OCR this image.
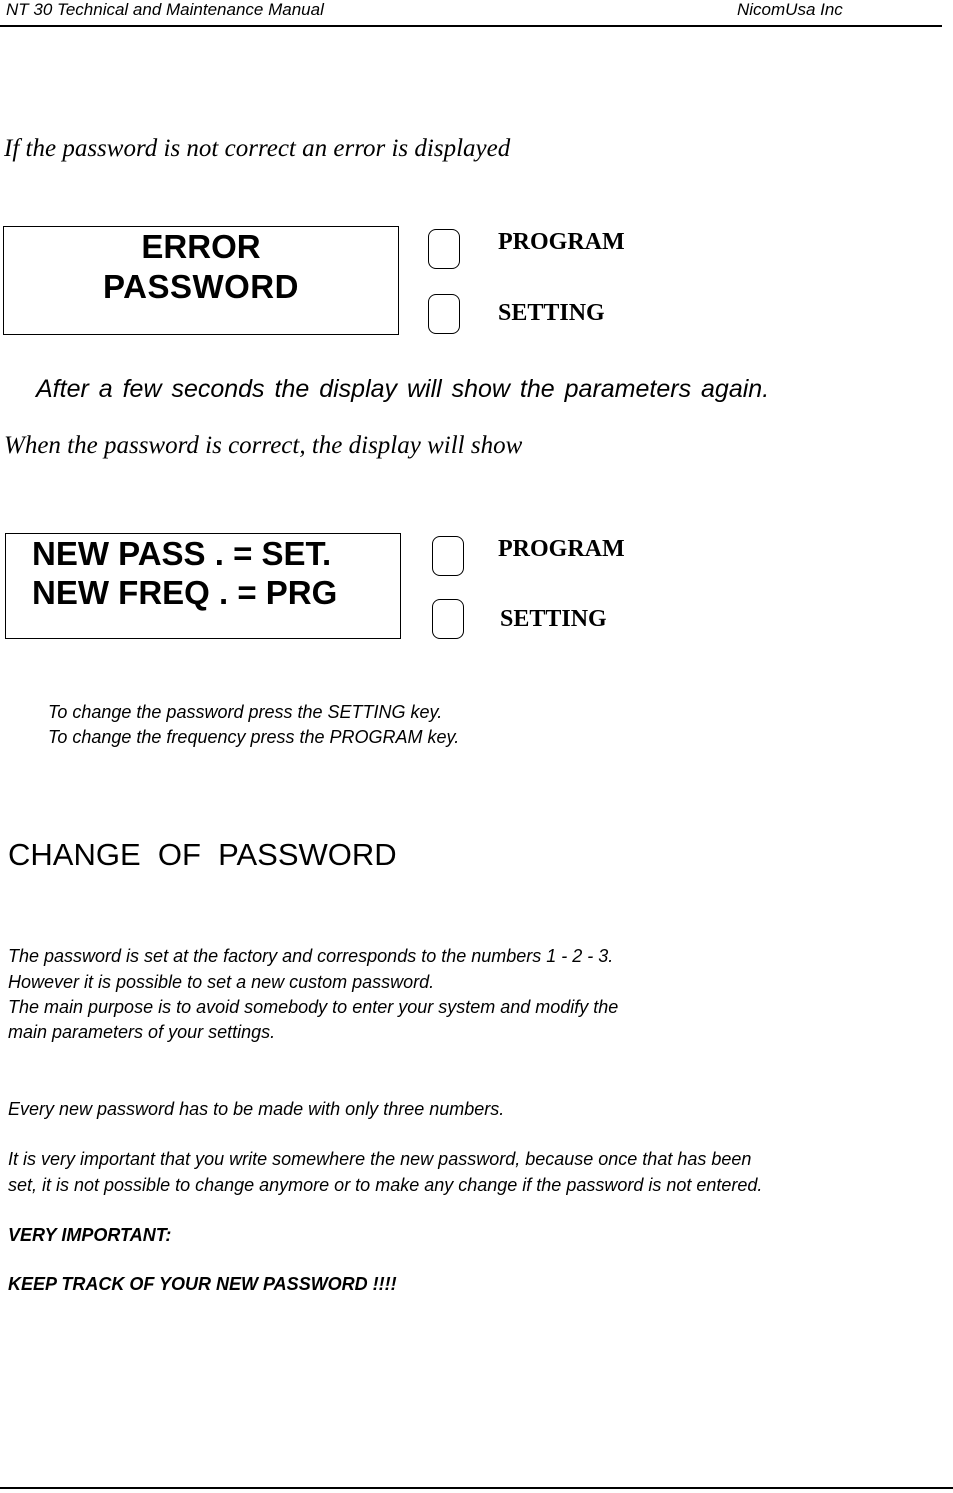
NT 30 Technical and Maintenance Manual	NicomUsa Inc
If the password is not correct an error is displayed
ERROR
PASSWORD
PROGRAM
SETTING
After a few seconds the display will show the parameters again.
When the password is correct, the display will show
NEW PASS . = SET.
NEW FREQ . = PRG
PROGRAM
SETTING
To change the password press the SETTING key.
To change the frequency press the PROGRAM key.
CHANGE  OF  PASSWORD
The password is set at the factory and corresponds to the numbers 1 - 2 - 3.
However it is possible to set a new custom password.
The main purpose is to avoid somebody to enter your system and modify the
main parameters of your settings.
Every new password has to be made with only three numbers.
It is very important that you write somewhere the new password, because once that has been
set, it is not possible to change anymore or to make any change if the password is not entered.
VERY IMPORTANT:
KEEP TRACK OF YOUR NEW PASSWORD !!!!
